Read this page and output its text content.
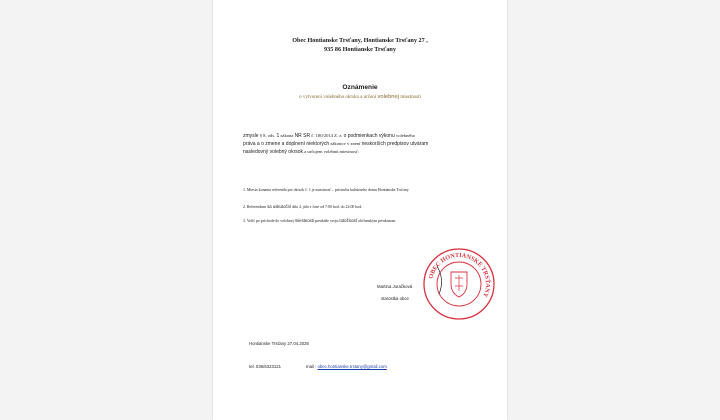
Obec Hontianske Trsťany, Hontianske Trsťany 27 ,
935 86 Hontianske Trsťany
Oznámenie
o vytvorení volebného okrsku a určení volebnej miestnosti
zmysle § 8, ods. 1 zákona NR SR č. 180/2014 Z. z. o podmienkach výkonu volebného
práva a o zmene a doplnení niektorých zákonov v znení neskorších predpisov utváram
nasledovný volebný okrsok a určujem volebnú miestnosť:
1. Miesto konania referenda pre okrsok č. 1 je miestnosť – prístavba kultúrneho domu Hontianske Trsťany
2. Referendum sa uskutoční dňa 4. júla v čase od 7:00 hod. do 22:00 hod.
3. Volič po príchode do volebnej miestnosti preukáže svoju totožnosť občianskym preukazom.
OBEC HONTIANSKE TRSŤANY
Martina Juračková
starostka obce
Hontianske Trsťany 27.04.2026
tel. 036/6323121	mail : obec.hontianske.trstany@gmail.com
